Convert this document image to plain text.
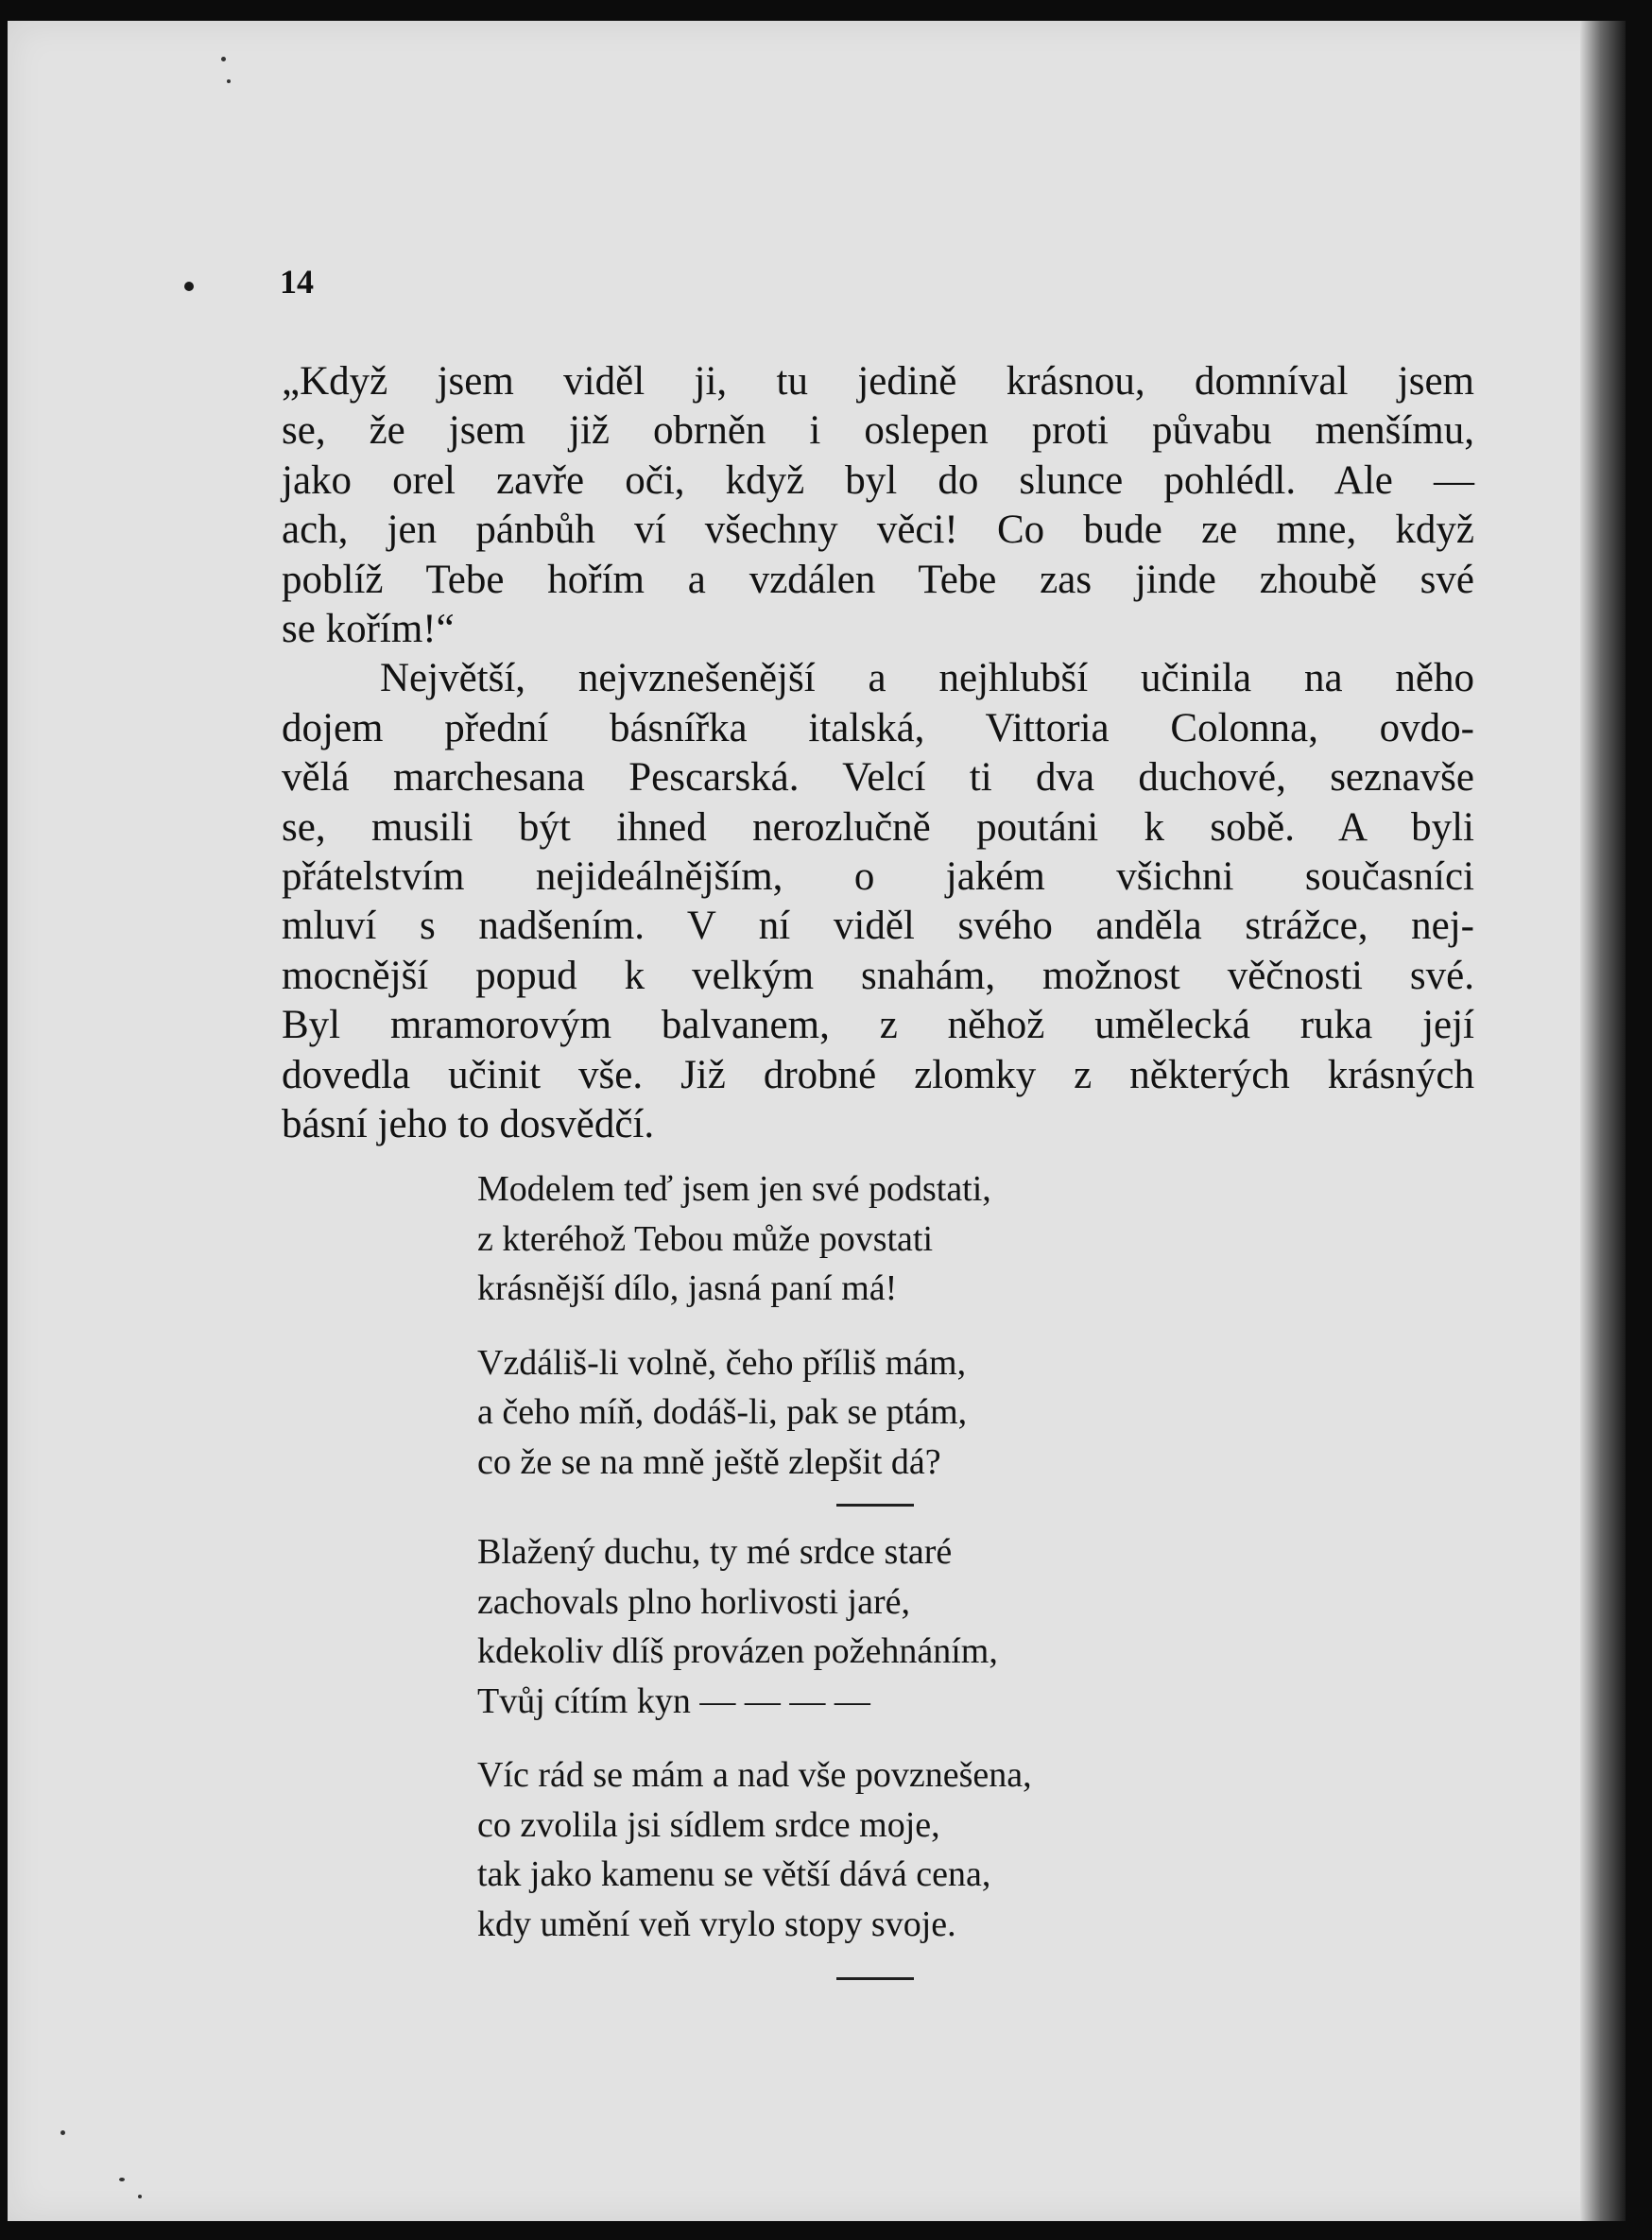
14
„Když jsem viděl ji, tu jedině krásnou, domníval jsem
se, že jsem již obrněn i oslepen proti půvabu menšímu,
jako orel zavře oči, když byl do slunce pohlédl. Ale —
ach, jen pánbůh ví všechny věci! Co bude ze mne, když
poblíž Tebe hořím a vzdálen Tebe zas jinde zhoubě své
se kořím!“
Největší, nejvznešenější a nejhlubší učinila na něho
dojem přední básnířka italská, Vittoria Colonna, ovdo-
vělá marchesana Pescarská. Velcí ti dva duchové, seznavše
se, musili být ihned nerozlučně poutáni k sobě. A byli
přátelstvím nejideálnějším, o jakém všichni současníci
mluví s nadšením. V ní viděl svého anděla strážce, nej-
mocnější popud k velkým snahám, možnost věčnosti své.
Byl mramorovým balvanem, z něhož umělecká ruka její
dovedla učinit vše. Již drobné zlomky z některých krásných
básní jeho to dosvědčí.
Modelem teď jsem jen své podstati,
z kteréhož Tebou může povstati
krásnější dílo, jasná paní má!
Vzdáliš-li volně, čeho příliš mám,
a čeho míň, dodáš-li, pak se ptám,
co že se na mně ještě zlepšit dá?
Blažený duchu, ty mé srdce staré
zachovals plno horlivosti jaré,
kdekoliv dlíš provázen požehnáním,
Tvůj cítím kyn — — — —
Víc rád se mám a nad vše povznešena,
co zvolila jsi sídlem srdce moje,
tak jako kamenu se větší dává cena,
kdy umění veň vrylo stopy svoje.
